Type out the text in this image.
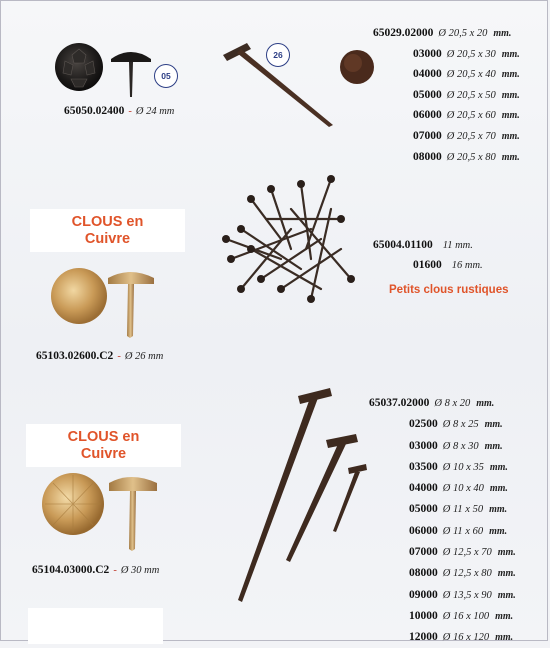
05
65050.02400 - Ø 24 mm
26
65029.02000 Ø 20,5 x 20 mm.
03000 Ø 20,5 x 30 mm.
04000 Ø 20,5 x 40 mm.
05000 Ø 20,5 x 50 mm.
06000 Ø 20,5 x 60 mm.
07000 Ø 20,5 x 70 mm.
08000 Ø 20,5 x 80 mm.
CLOUS en
Cuivre
65103.02600.C2 - Ø 26 mm
65004.01100 11 mm.
01600 16 mm.
Petits clous rustiques
CLOUS en
Cuivre
65104.03000.C2 - Ø 30 mm
65037.02000 Ø 8 x 20 mm.
02500 Ø 8 x 25 mm.
03000 Ø 8 x 30 mm.
03500 Ø 10 x 35 mm.
04000 Ø 10 x 40 mm.
05000 Ø 11 x 50 mm.
06000 Ø 11 x 60 mm.
07000 Ø 12,5 x 70 mm.
08000 Ø 12,5 x 80 mm.
09000 Ø 13,5 x 90 mm.
10000 Ø 16 x 100 mm.
12000 Ø 16 x 120 mm.
